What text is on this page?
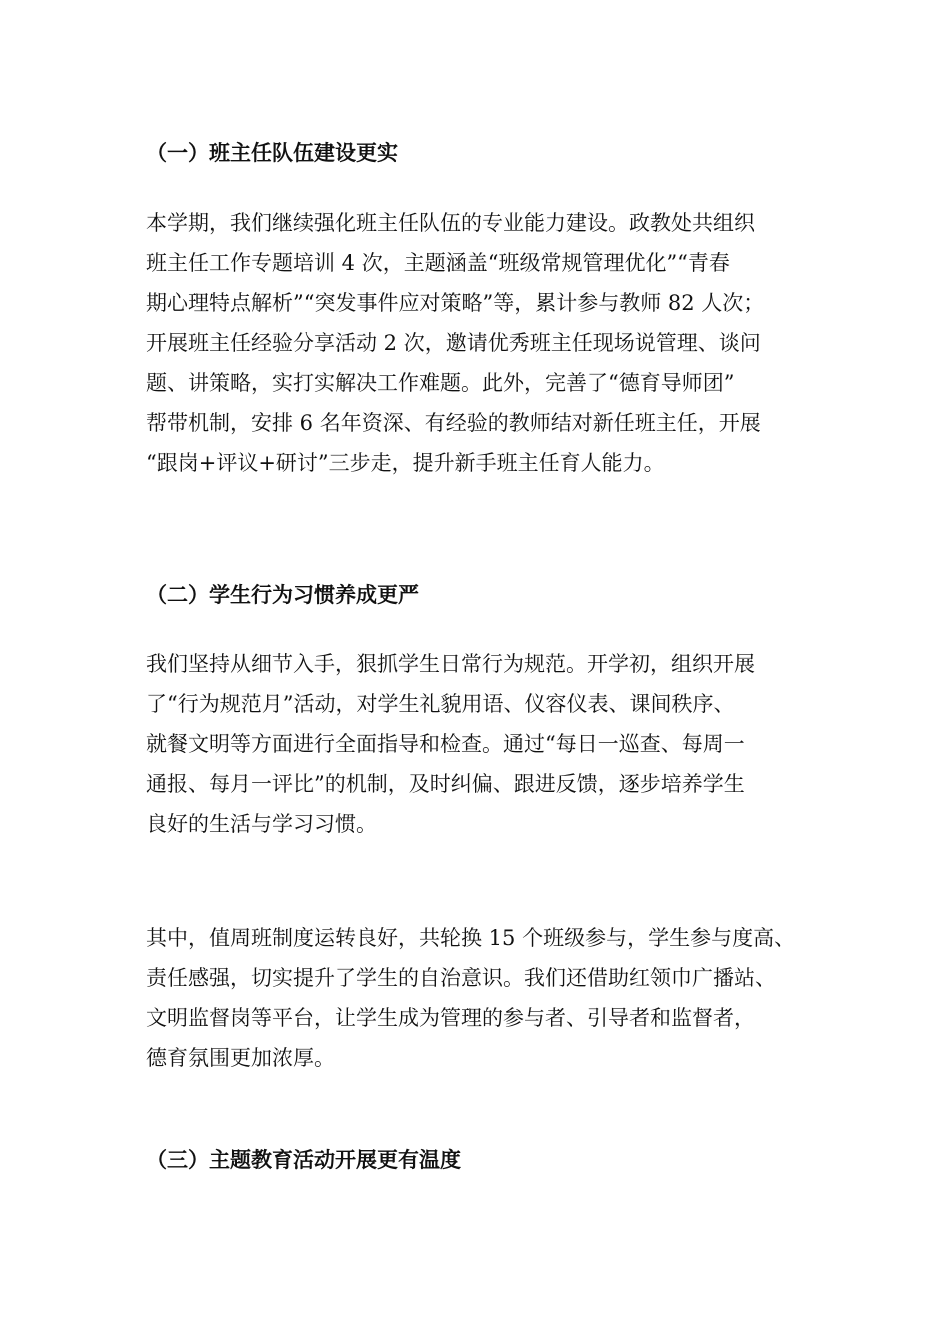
（一）班主任队伍建设更实
本学期，我们继续强化班主任队伍的专业能力建设。政教处共组织
班主任工作专题培训 4 次，主题涵盖“班级常规管理优化”“青春
期心理特点解析”“突发事件应对策略”等，累计参与教师 82 人次；
开展班主任经验分享活动 2 次，邀请优秀班主任现场说管理、谈问
题、讲策略，实打实解决工作难题。此外，完善了“德育导师团”
帮带机制，安排 6 名年资深、有经验的教师结对新任班主任，开展
“跟岗+评议+研讨”三步走，提升新手班主任育人能力。
（二）学生行为习惯养成更严
我们坚持从细节入手，狠抓学生日常行为规范。开学初，组织开展
了“行为规范月”活动，对学生礼貌用语、仪容仪表、课间秩序、
就餐文明等方面进行全面指导和检查。通过“每日一巡查、每周一
通报、每月一评比”的机制，及时纠偏、跟进反馈，逐步培养学生
良好的生活与学习习惯。
其中，值周班制度运转良好，共轮换 15 个班级参与，学生参与度高、
责任感强，切实提升了学生的自治意识。我们还借助红领巾广播站、
文明监督岗等平台，让学生成为管理的参与者、引导者和监督者，
德育氛围更加浓厚。
（三）主题教育活动开展更有温度
